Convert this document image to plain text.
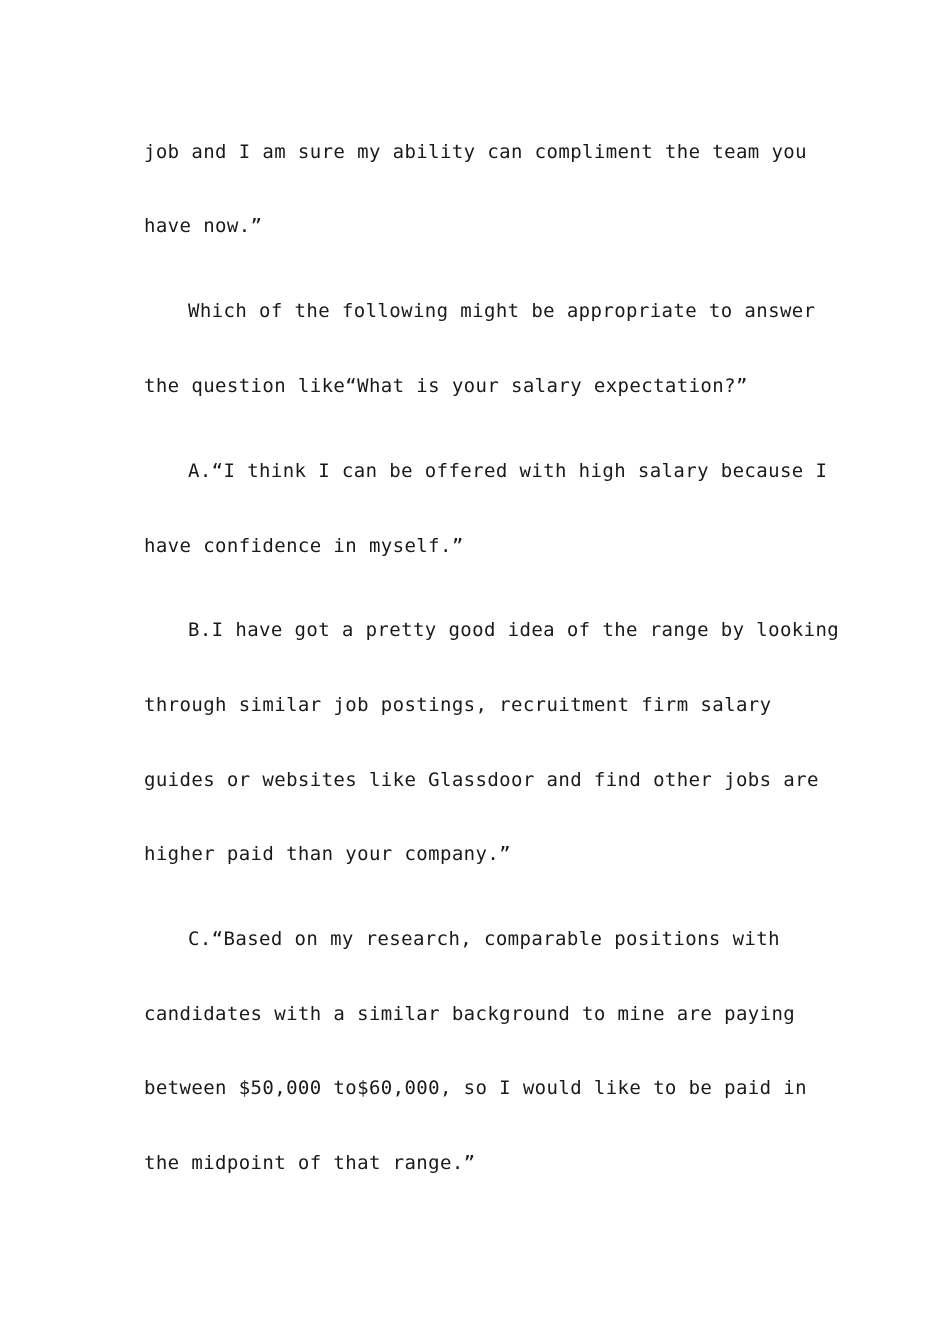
job and I am sure my ability can compliment the team you
have now.”
Which of the following might be appropriate to answer
the question like“What is your salary expectation?”
A.“I think I can be offered with high salary because I
have confidence in myself.”
B.I have got a pretty good idea of the range by looking
through similar job postings, recruitment firm salary
guides or websites like Glassdoor and find other jobs are
higher paid than your company.”
C.“Based on my research, comparable positions with
candidates with a similar background to mine are paying
between $50,000 to$60,000, so I would like to be paid in
the midpoint of that range.”
